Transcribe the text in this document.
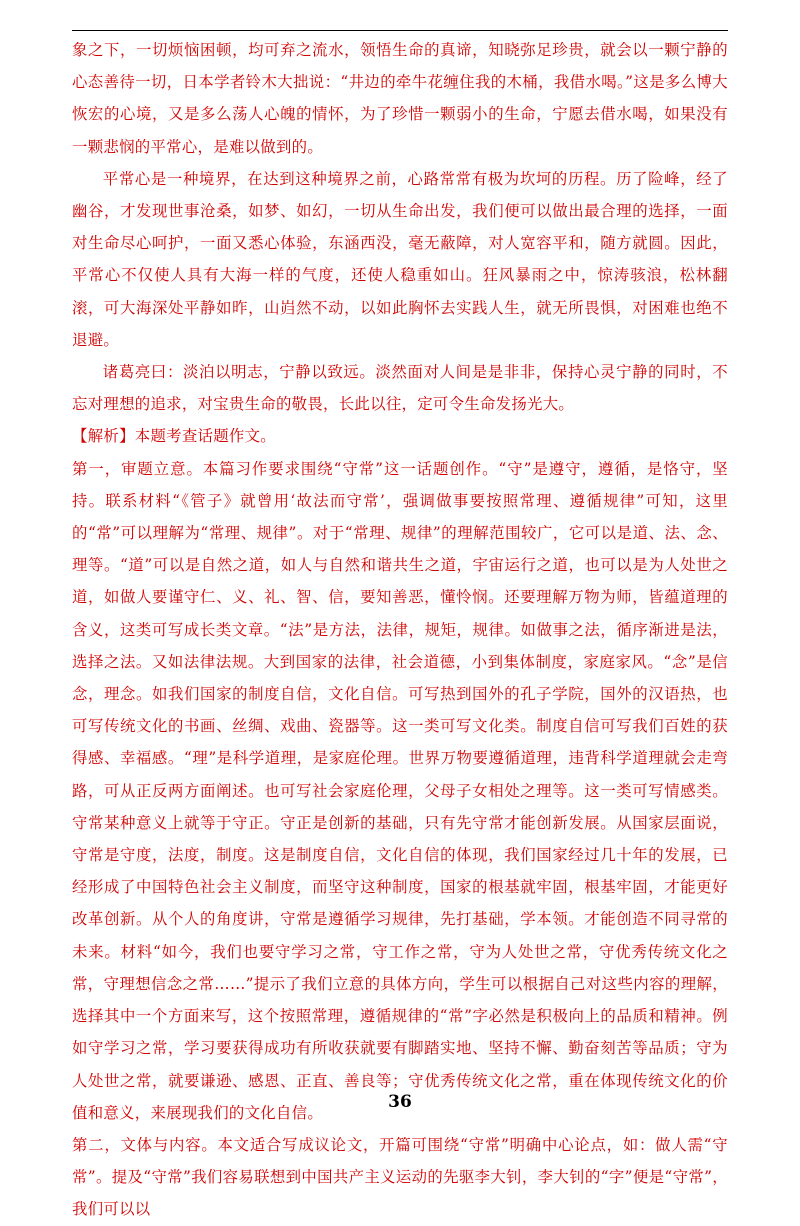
象之下，一切烦恼困顿，均可弃之流水，领悟生命的真谛，知晓弥足珍贵，就会以一颗宁静的心态善待一切，日本学者铃木大拙说：“井边的牵牛花缠住我的木桶，我借水喝。”这是多么博大恢宏的心境，又是多么荡人心魄的情怀，为了珍惜一颗弱小的生命，宁愿去借水喝，如果没有一颗悲悯的平常心，是难以做到的。

平常心是一种境界，在达到这种境界之前，心路常常有极为坎坷的历程。历了险峰，经了幽谷，才发现世事沧桑，如梦、如幻，一切从生命出发，我们便可以做出最合理的选择，一面对生命尽心呵护，一面又悉心体验，东涵西没，毫无蔽障，对人宽容平和，随方就圆。因此，平常心不仅使人具有大海一样的气度，还使人稳重如山。狂风暴雨之中，惊涛骇浪，松林翻滚，可大海深处平静如昨，山岿然不动，以如此胸怀去实践人生，就无所畏惧，对困难也绝不退避。

诸葛亮曰：淡泊以明志，宁静以致远。淡然面对人间是是非非，保持心灵宁静的同时，不忘对理想的追求，对宝贵生命的敬畏，长此以往，定可令生命发扬光大。

【解析】本题考查话题作文。

第一，审题立意。本篇习作要求围绕“守常”这一话题创作。“守”是遵守，遵循，是恪守，坚持。联系材料“《管子》就曾用‘故法而守常’，强调做事要按照常理、遵循规律”可知，这里的“常”可以理解为“常理、规律”。对于“常理、规律”的理解范围较广，它可以是道、法、念、理等。“道”可以是自然之道，如人与自然和谐共生之道，宇宙运行之道，也可以是为人处世之道，如做人要谨守仁、义、礼、智、信，要知善恶，懂怜悯。还要理解万物为师，皆蕴道理的含义，这类可写成长类文章。“法”是方法，法律，规矩，规律。如做事之法，循序渐进是法，选择之法。又如法律法规。大到国家的法律，社会道德，小到集体制度，家庭家风。“念”是信念，理念。如我们国家的制度自信，文化自信。可写热到国外的孔子学院，国外的汉语热，也可写传统文化的书画、丝绸、戏曲、瓷器等。这一类可写文化类。制度自信可写我们百姓的获得感、幸福感。“理”是科学道理，是家庭伦理。世界万物要遵循道理，违背科学道理就会走弯路，可从正反两方面阐述。也可写社会家庭伦理，父母子女相处之理等。这一类可写情感类。守常某种意义上就等于守正。守正是创新的基础，只有先守常才能创新发展。从国家层面说，守常是守度，法度，制度。这是制度自信，文化自信的体现，我们国家经过几十年的发展，已经形成了中国特色社会主义制度，而坚守这种制度，国家的根基就牢固，根基牢固，才能更好改革创新。从个人的角度讲，守常是遵循学习规律，先打基础，学本领。才能创造不同寻常的未来。材料“如今，我们也要守学习之常，守工作之常，守为人处世之常，守优秀传统文化之常，守理想信念之常……”提示了我们立意的具体方向，学生可以根据自己对这些内容的理解，选择其中一个方面来写，这个按照常理，遵循规律的“常”字必然是积极向上的品质和精神。例如守学习之常，学习要获得成功有所收获就要有脚踏实地、坚持不懈、勤奋刻苦等品质；守为人处世之常，就要谦逊、感恩、正直、善良等；守优秀传统文化之常，重在体现传统文化的价值和意义，来展现我们的文化自信。

第二，文体与内容。本文适合写成议论文，开篇可围绕“守常”明确中心论点，如：做人需“守常”。提及“守常”我们容易联想到中国共产主义运动的先驱李大钊，李大钊的“字”便是“守常”，我们可以以

36
